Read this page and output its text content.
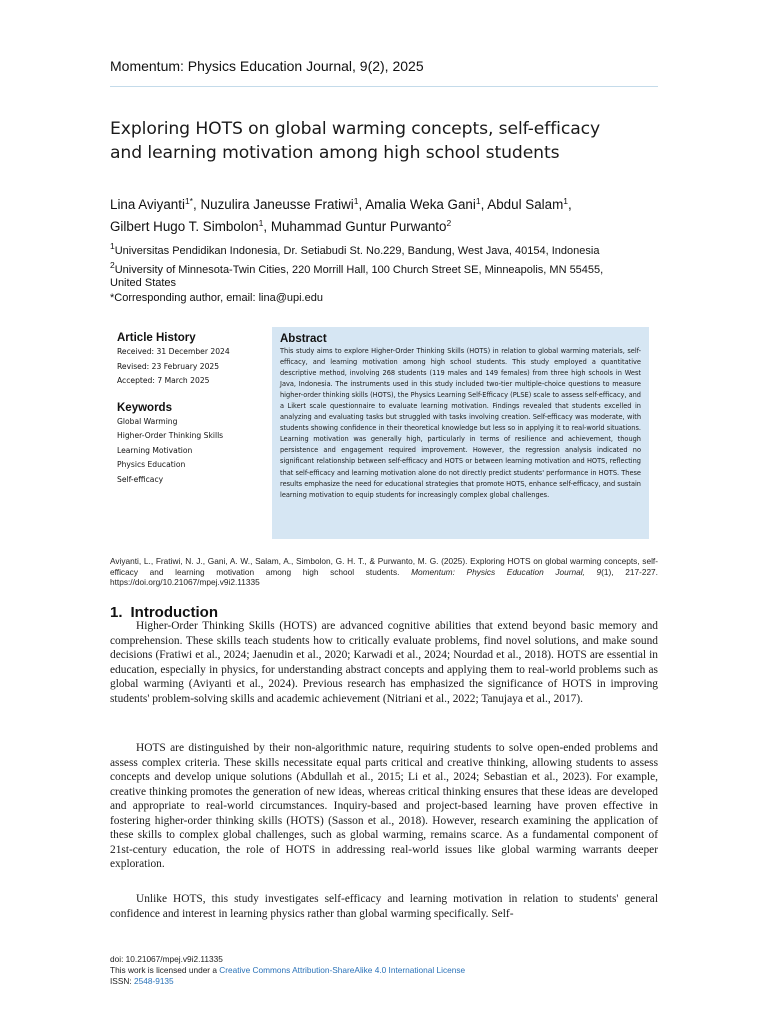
Momentum: Physics Education Journal, 9(2), 2025
Exploring HOTS on global warming concepts, self-efficacy
and learning motivation among high school students
Lina Aviyanti$^{1*}$, Nuzulira Janeusse Fratiwi$^1$, Amalia Weka Gani$^1$, Abdul Salam$^1$,
Gilbert Hugo T. Simbolon$^1$, Muhammad Guntur Purwanto$^2$
$^1$Universitas Pendidikan Indonesia, Dr. Setiabudi St. No.229, Bandung, West Java, 40154, Indonesia
$^2$University of Minnesota-Twin Cities, 220 Morrill Hall, 100 Church Street SE, Minneapolis, MN 55455,
United States
*Corresponding author, email: lina@upi.edu
Article History
Received: 31 December 2024
Revised: 23 February 2025
Accepted: 7 March 2025
Keywords
Global Warming
Higher-Order Thinking Skills
Learning Motivation
Physics Education
Self-efficacy
Abstract

This study aims to explore Higher-Order Thinking Skills (HOTS) in relation to global warming materials, self-efficacy, and learning motivation among high school students. This study employed a quantitative descriptive method, involving 268 students (119 males and 149 females) from three high schools in West Java, Indonesia. The instruments used in this study included two-tier multiple-choice questions to measure higher-order thinking skills (HOTS), the Physics Learning Self-Efficacy (PLSE) scale to assess self-efficacy, and a Likert scale questionnaire to evaluate learning motivation. Findings revealed that students excelled in analyzing and evaluating tasks but struggled with tasks involving creation. Self-efficacy was moderate, with students showing confidence in their theoretical knowledge but less so in applying it to real-world situations. Learning motivation was generally high, particularly in terms of resilience and achievement, though persistence and engagement required improvement. However, the regression analysis indicated no significant relationship between self-efficacy and HOTS or between learning motivation and HOTS, reflecting that self-efficacy and learning motivation alone do not directly predict students' performance in HOTS. These results emphasize the need for educational strategies that promote HOTS, enhance self-efficacy, and sustain learning motivation to equip students for increasingly complex global challenges.

Aviyanti, L., Fratiwi, N. J., Gani, A. W., Salam, A., Simbolon, G. H. T., & Purwanto, M. G. (2025). Exploring HOTS on global warming concepts, self-efficacy and learning motivation among high school students. Momentum: Physics Education Journal, 9(1), 217-227. https://doi.org/10.21067/mpej.v9i2.11335

1. Introduction

Higher-Order Thinking Skills (HOTS) are advanced cognitive abilities that extend beyond basic memory and comprehension. These skills teach students how to critically evaluate problems, find novel solutions, and make sound decisions (Fratiwi et al., 2024; Jaenudin et al., 2020; Karwadi et al., 2024; Nourdad et al., 2018). HOTS are essential in education, especially in physics, for understanding abstract concepts and applying them to real-world problems such as global warming (Aviyanti et al., 2024). Previous research has emphasized the significance of HOTS in improving students' problem-solving skills and academic achievement (Nitriani et al., 2022; Tanujaya et al., 2017).

HOTS are distinguished by their non-algorithmic nature, requiring students to solve open-ended problems and assess complex criteria. These skills necessitate equal parts critical and creative thinking, allowing students to assess concepts and develop unique solutions (Abdullah et al., 2015; Li et al., 2024; Sebastian et al., 2023). For example, creative thinking promotes the generation of new ideas, whereas critical thinking ensures that these ideas are developed and appropriate to real-world circumstances. Inquiry-based and project-based learning have proven effective in fostering higher-order thinking skills (HOTS) (Sasson et al., 2018). However, research examining the application of these skills to complex global challenges, such as global warming, remains scarce. As a fundamental component of 21st-century education, the role of HOTS in addressing real-world issues like global warming warrants deeper exploration.

Unlike HOTS, this study investigates self-efficacy and learning motivation in relation to students' general confidence and interest in learning physics rather than global warming specifically. Self-

doi: 10.21067/mpej.v9i2.11335
This work is licensed under a Creative Commons Attribution-ShareAlike 4.0 International License
ISSN: 2548-9135
